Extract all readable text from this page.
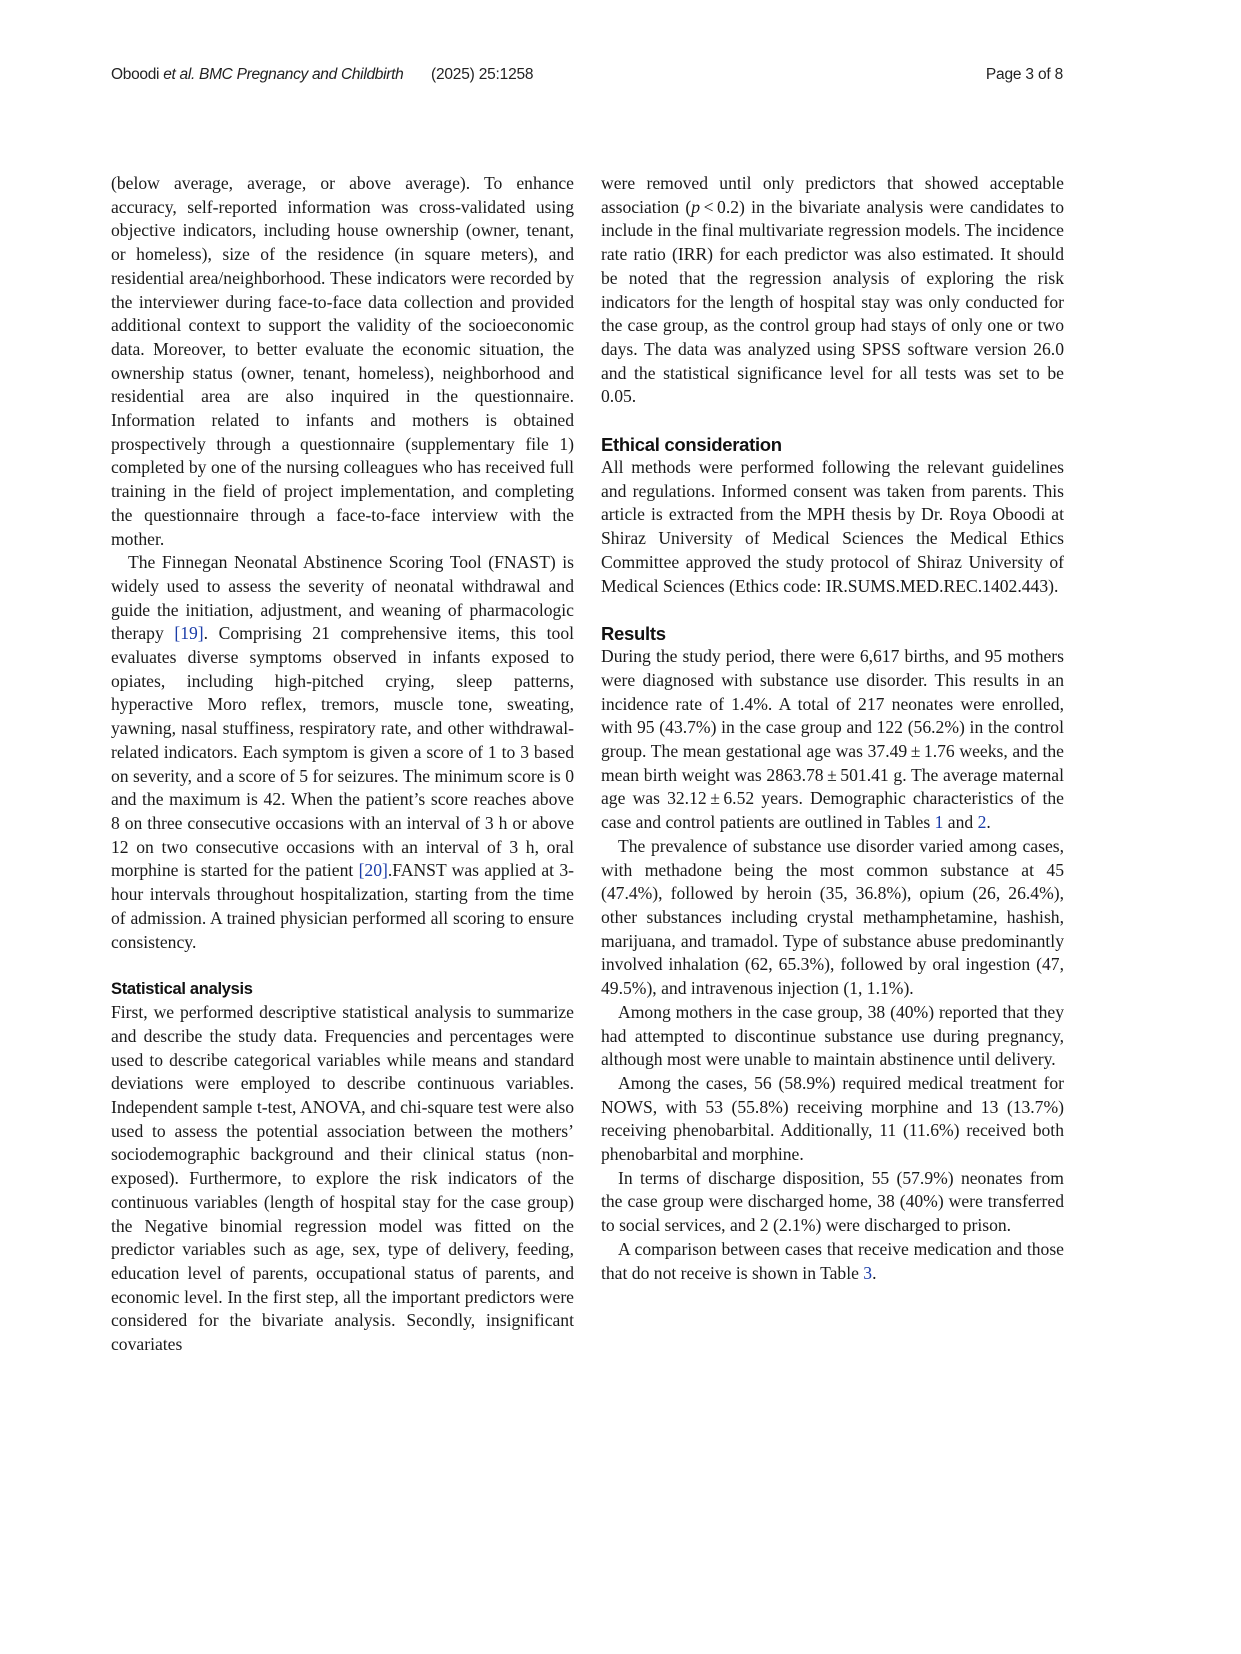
Oboodi et al. BMC Pregnancy and Childbirth (2025) 25:1258	Page 3 of 8

(below average, average, or above average). To enhance accuracy, self-reported information was cross-validated using objective indicators, including house ownership (owner, tenant, or homeless), size of the residence (in square meters), and residential area/neighborhood. These indicators were recorded by the interviewer during face-to-face data collection and provided additional context to support the validity of the socioeconomic data. Moreover, to better evaluate the economic situation, the ownership status (owner, tenant, homeless), neighborhood and residential area are also inquired in the questionnaire. Information related to infants and mothers is obtained prospectively through a questionnaire (supplementary file 1) completed by one of the nursing colleagues who has received full training in the field of project implementation, and completing the questionnaire through a face-to-face interview with the mother.

The Finnegan Neonatal Abstinence Scoring Tool (FNAST) is widely used to assess the severity of neonatal withdrawal and guide the initiation, adjustment, and weaning of pharmacologic therapy [19]. Comprising 21 comprehensive items, this tool evaluates diverse symptoms observed in infants exposed to opiates, including high-pitched crying, sleep patterns, hyperactive Moro reflex, tremors, muscle tone, sweating, yawning, nasal stuffiness, respiratory rate, and other withdrawal-related indicators. Each symptom is given a score of 1 to 3 based on severity, and a score of 5 for seizures. The minimum score is 0 and the maximum is 42. When the patient’s score reaches above 8 on three consecutive occasions with an interval of 3 h or above 12 on two consecutive occasions with an interval of 3 h, oral morphine is started for the patient [20].FANST was applied at 3-hour intervals throughout hospitalization, starting from the time of admission. A trained physician performed all scoring to ensure consistency.

Statistical analysis

First, we performed descriptive statistical analysis to summarize and describe the study data. Frequencies and percentages were used to describe categorical variables while means and standard deviations were employed to describe continuous variables. Independent sample t-test, ANOVA, and chi-square test were also used to assess the potential association between the mothers’ sociodemographic background and their clinical status (non-exposed). Furthermore, to explore the risk indicators of the continuous variables (length of hospital stay for the case group) the Negative binomial regression model was fitted on the predictor variables such as age, sex, type of delivery, feeding, education level of parents, occupational status of parents, and economic level. In the first step, all the important predictors were considered for the bivariate analysis. Secondly, insignificant covariates

were removed until only predictors that showed acceptable association (p < 0.2) in the bivariate analysis were candidates to include in the final multivariate regression models. The incidence rate ratio (IRR) for each predictor was also estimated. It should be noted that the regression analysis of exploring the risk indicators for the length of hospital stay was only conducted for the case group, as the control group had stays of only one or two days. The data was analyzed using SPSS software version 26.0 and the statistical significance level for all tests was set to be 0.05.

Ethical consideration

All methods were performed following the relevant guidelines and regulations. Informed consent was taken from parents. This article is extracted from the MPH thesis by Dr. Roya Oboodi at Shiraz University of Medical Sciences the Medical Ethics Committee approved the study protocol of Shiraz University of Medical Sciences (Ethics code: IR.SUMS.MED.REC.1402.443).

Results

During the study period, there were 6,617 births, and 95 mothers were diagnosed with substance use disorder. This results in an incidence rate of 1.4%. A total of 217 neonates were enrolled, with 95 (43.7%) in the case group and 122 (56.2%) in the control group. The mean gestational age was 37.49 ± 1.76 weeks, and the mean birth weight was 2863.78 ± 501.41 g. The average maternal age was 32.12 ± 6.52 years. Demographic characteristics of the case and control patients are outlined in Tables 1 and 2.

The prevalence of substance use disorder varied among cases, with methadone being the most common substance at 45 (47.4%), followed by heroin (35, 36.8%), opium (26, 26.4%), other substances including crystal methamphetamine, hashish, marijuana, and tramadol. Type of substance abuse predominantly involved inhalation (62, 65.3%), followed by oral ingestion (47, 49.5%), and intravenous injection (1, 1.1%).

Among mothers in the case group, 38 (40%) reported that they had attempted to discontinue substance use during pregnancy, although most were unable to maintain abstinence until delivery.

Among the cases, 56 (58.9%) required medical treatment for NOWS, with 53 (55.8%) receiving morphine and 13 (13.7%) receiving phenobarbital. Additionally, 11 (11.6%) received both phenobarbital and morphine.

In terms of discharge disposition, 55 (57.9%) neonates from the case group were discharged home, 38 (40%) were transferred to social services, and 2 (2.1%) were discharged to prison.

A comparison between cases that receive medication and those that do not receive is shown in Table 3.
